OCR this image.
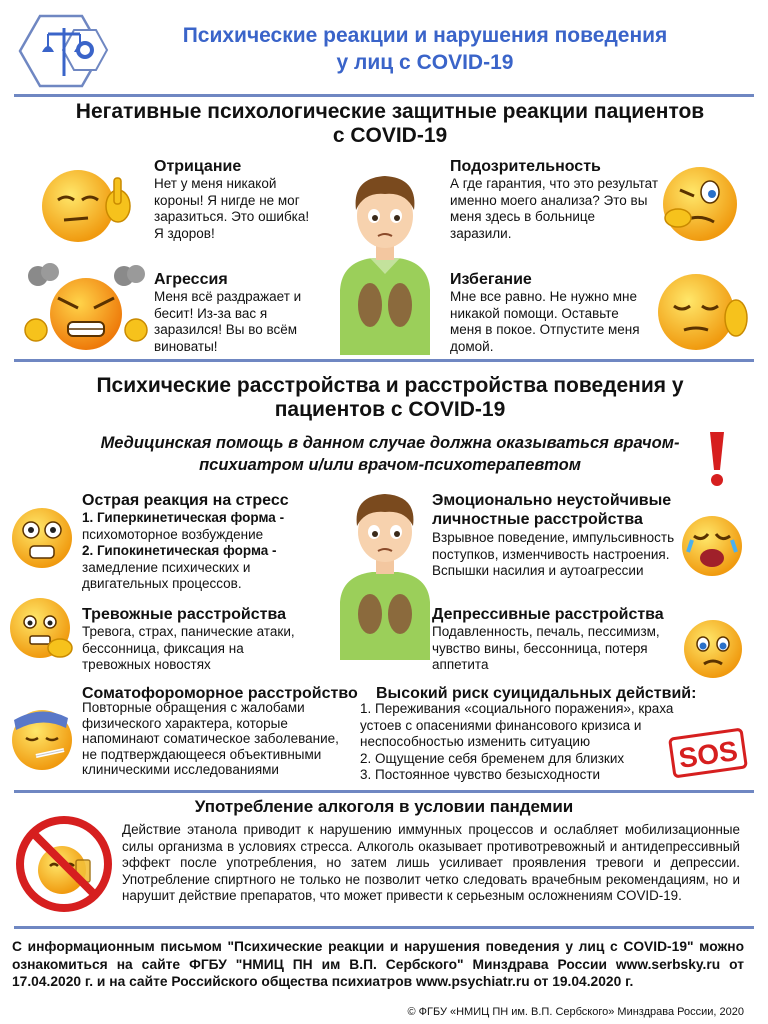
Психические реакции и нарушения поведения
у лиц с COVID-19
Негативные психологические защитные реакции пациентов
с COVID-19
Отрицание
Нет у меня никакой короны! Я нигде не мог заразиться. Это ошибка! Я здоров!
Подозрительность
А где гарантия, что это результат именно моего анализа? Это вы меня здесь в больнице заразили.
Агрессия
Меня всё раздражает и бесит! Из-за вас я заразился! Вы во всём виноваты!
Избегание
Мне все равно. Не нужно мне никакой помощи. Оставьте меня в покое. Отпустите меня домой.
Психические расстройства и расстройства поведения у
пациентов с COVID-19
Медицинская помощь в данном случае должна оказываться врачом-
психиатром и/или врачом-психотерапевтом
Острая реакция на стресс
1. Гиперкинетическая форма -
психомоторное возбуждение
2. Гипокинетическая форма -
замедление психических и двигательных процессов.
Эмоционально неустойчивые
личностные расстройства
Взрывное поведение, импульсивность поступков, изменчивость настроения. Вспышки насилия и аутоагрессии
Тревожные расстройства
Тревога, страх, панические атаки, бессонница, фиксация на тревожных новостях
Депрессивные расстройства
Подавленность, печаль, пессимизм, чувство вины, бессонница, потеря аппетита
Соматофороморное расстройство
Повторные обращения с жалобами физического характера, которые напоминают соматическое заболевание, не подтверждающееся объективными клиническими исследованиями
Высокий риск суицидальных действий:
1. Переживания «социального поражения», краха устоев с опасениями финансового кризиса и неспособностью изменить ситуацию
2. Ощущение себя бременем для близких
3. Постоянное чувство безысходности
SOS
Употребление алкоголя в условии пандемии
Действие этанола приводит к нарушению иммунных процессов и ослабляет мобилизационные силы организма в условиях стресса. Алкоголь оказывает противотревожный и антидепрессивный эффект после употребления, но затем лишь усиливает проявления тревоги и депрессии. Употребление спиртного не только не позволит четко следовать врачебным рекомендациям, но и нарушит действие препаратов, что может привести к серьезным осложнениям COVID-19.
С информационным письмом "Психические реакции и нарушения поведения у лиц с COVID-19" можно ознакомиться на сайте ФГБУ "НМИЦ ПН им В.П. Сербского" Минздрава России www.serbsky.ru от 17.04.2020 г. и на сайте Российского общества психиатров www.psychiatr.ru от 19.04.2020 г.
© ФГБУ «НМИЦ ПН им. В.П. Сербского» Минздрава России, 2020
